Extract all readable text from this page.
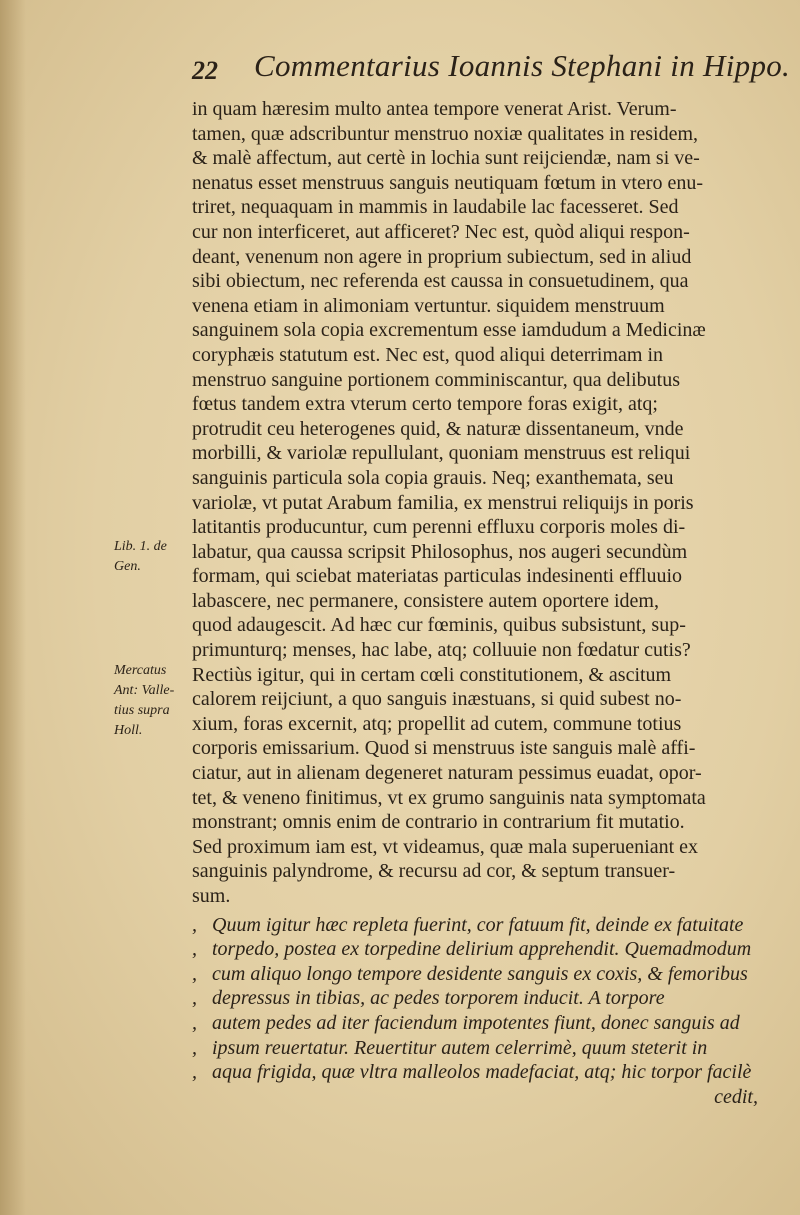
22 Commentarius Ioannis Stephani in Hippo.
Lib. 1. de
Gen.
Mercatus
Ant: Valle-
tius supra
Holl.
in quam hæresim multo antea tempore venerat Arist. Verum-
tamen, quæ adscribuntur menstruo noxiæ qualitates in residem,
& malè affectum, aut certè in lochia sunt reijciendæ, nam si ve-
nenatus esset menstruus sanguis neutiquam fœtum in vtero enu-
triret, nequaquam in mammis in laudabile lac facesseret. Sed
cur non interficeret, aut afficeret? Nec est, quòd aliqui respon-
deant, venenum non agere in proprium subiectum, sed in aliud
sibi obiectum, nec referenda est caussa in consuetudinem, qua
venena etiam in alimoniam vertuntur. siquidem menstruum
sanguinem sola copia excrementum esse iamdudum a Medicinæ
coryphæis statutum est. Nec est, quod aliqui deterrimam in
menstruo sanguine portionem comminiscantur, qua delibutus
fœtus tandem extra vterum certo tempore foras exigit, atq;
protrudit ceu heterogenes quid, & naturæ dissentaneum, vnde
morbilli, & variolæ repullulant, quoniam menstruus est reliqui
sanguinis particula sola copia grauis. Neq; exanthemata, seu
variolæ, vt putat Arabum familia, ex menstrui reliquijs in poris
latitantis producuntur, cum perenni effluxu corporis moles di-
labatur, qua caussa scripsit Philosophus, nos augeri secundùm
formam, qui sciebat materiatas particulas indesinenti effluuio
labascere, nec permanere, consistere autem oportere idem,
quod adaugescit. Ad hæc cur fœminis, quibus subsistunt, sup-
primunturq; menses, hac labe, atq; colluuie non fœdatur cutis?
Rectiùs igitur, qui in certam cœli constitutionem, & ascitum
calorem reijciunt, a quo sanguis inæstuans, si quid subest no-
xium, foras excernit, atq; propellit ad cutem, commune totius
corporis emissarium. Quod si menstruus iste sanguis malè affi-
ciatur, aut in alienam degeneret naturam pessimus euadat, opor-
tet, & veneno finitimus, vt ex grumo sanguinis nata symptomata
monstrant; omnis enim de contrario in contrarium fit mutatio.
Sed proximum iam est, vt videamus, quæ mala superueniant ex
sanguinis palyndrome, & recursu ad cor, & septum transuer-
sum.
, Quum igitur hæc repleta fuerint, cor fatuum fit, deinde ex fatuitate
, torpedo, postea ex torpedine delirium apprehendit. Quemadmodum
, cum aliquo longo tempore desidente sanguis ex coxis, & femoribus
, depressus in tibias, ac pedes torporem inducit. A torpore
, autem pedes ad iter faciendum impotentes fiunt, donec sanguis ad
, ipsum reuertatur. Reuertitur autem celerrimè, quum steterit in
, aqua frigida, quæ vltra malleolos madefaciat, atq; hic torpor facilè
cedit,
